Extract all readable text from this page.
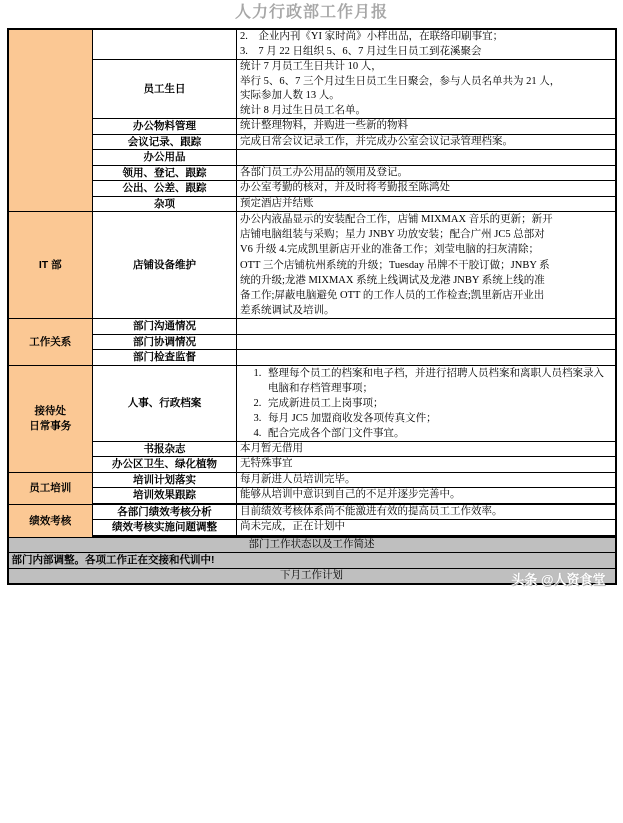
人力行政部工作月报

		2.　企业内刊《YI 家时尚》小样出品，在联络印刷事宜；
3.　7 月 22 日组织 5、6、7 月过生日员工到花溪聚会

	员工生日	统计 7 月员工生日共计 10 人，
举行 5、6、7 三个月过生日员工生日聚会，参与人员名单共为 21 人，
实际参加人数 13 人。
统计 8 月过生日员工名单。

	办公物料管理	统计整理物料，并购进一些新的物料
	会议记录、跟踪	完成日常会议记录工作，并完成办公室会议记录管理档案。
	办公用品	
	领用、登记、跟踪	各部门员工办公用品的领用及登记。
	公出、公差、跟踪	办公室考勤的核对，并及时将考勤报至陈鸿处
	杂项	预定酒店并结账
IT 部	店铺设备维护	
办公内液晶显示的安装配合工作，店铺 MIXMAX 音乐的更新；新开
店铺电脑组装与采购；星力 JNBY 功放安装；配合广州 JC5 总部对
V6 升级 4.完成凯里新店开业的准备工作；刘莹电脑的扫灰清除；
OTT 三个店铺杭州系统的升级；Tuesday 吊牌不干胶订做；JNBY 系
统的升级;龙港 MIXMAX 系统上线调试及龙港 JNBY 系统上线的准
备工作;屏蔽电脑避免 OTT 的工作人员的工作检查;凯里新店开业出
差系统调试及培训。

工作关系	部门沟通情况	
	部门协调情况	
	部门检查监督	

接待处
日常事务
	人事、行政档案	
1. 整理每个员工的档案和电子档，并进行招聘人员档案和离职人员档案录入电脑和存档管理事项；
2. 完成新进员工上岗事项；
3. 每月 JC5 加盟商收发各项传真文件；
4. 配合完成各个部门文件事宜。

	书报杂志	本月暂无借用
	办公区卫生、绿化植物	无特殊事宜
员工培训	培训计划落实	每月新进人员培训完毕。
	培训效果跟踪	能够从培训中意识到自己的不足并逐步完善中。

绩效考核	各部门绩效考核分析	目前绩效考核体系尚不能激进有效的提高员工工作效率。
	绩效考核实施问题调整	尚未完成，正在计划中

部门工作状态以及工作简述		
部门内部调整。各项工作正在交接和代训中!		

下月工作计划 头条 @人资食堂		
